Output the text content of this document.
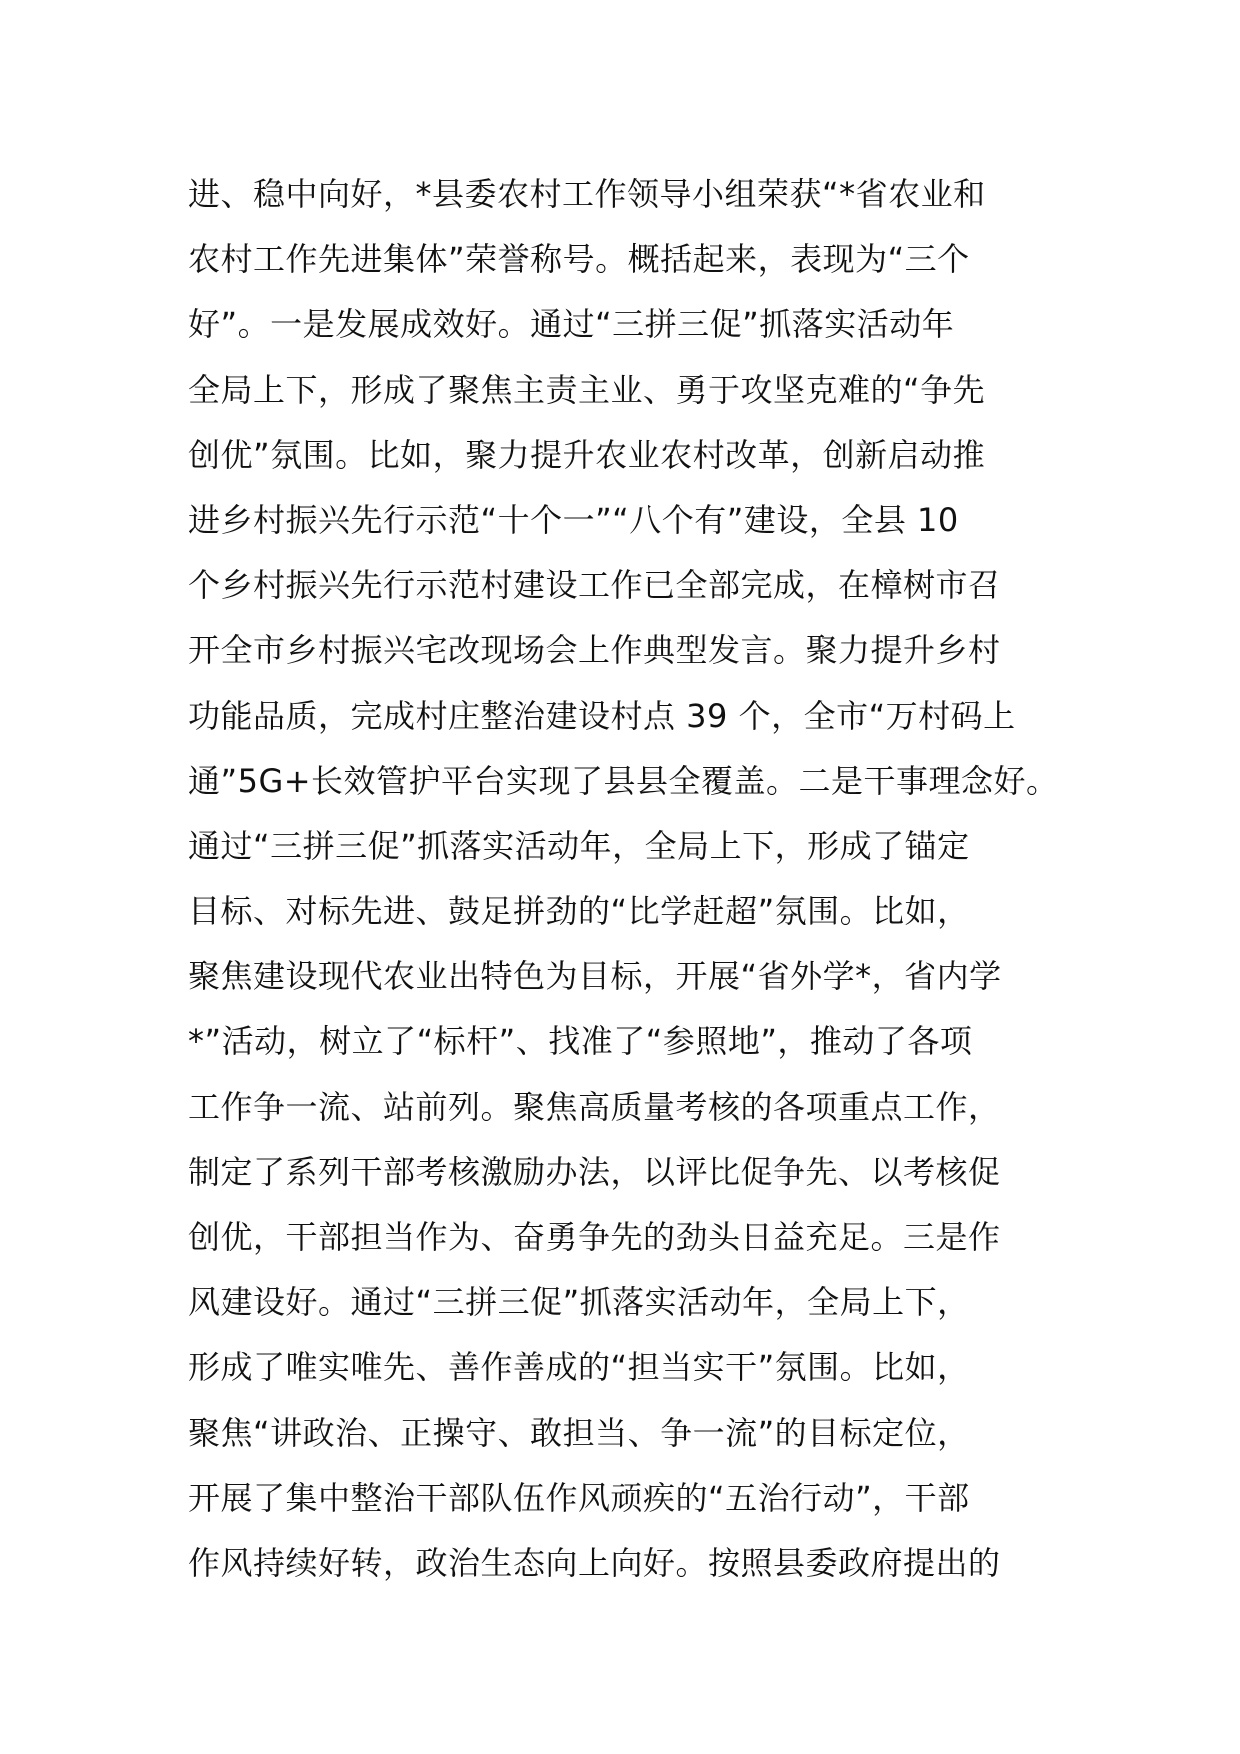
进、稳中向好，*县委农村工作领导小组荣获“*省农业和
农村工作先进集体”荣誉称号。概括起来，表现为“三个
好”。一是发展成效好。通过“三拼三促”抓落实活动年
全局上下，形成了聚焦主责主业、勇于攻坚克难的“争先
创优”氛围。比如，聚力提升农业农村改革，创新启动推
进乡村振兴先行示范“十个一”“八个有”建设，全县 10
个乡村振兴先行示范村建设工作已全部完成，在樟树市召
开全市乡村振兴宅改现场会上作典型发言。聚力提升乡村
功能品质，完成村庄整治建设村点 39 个，全市“万村码上
通”5G+长效管护平台实现了县县全覆盖。二是干事理念好。
通过“三拼三促”抓落实活动年，全局上下，形成了锚定
目标、对标先进、鼓足拼劲的“比学赶超”氛围。比如，
聚焦建设现代农业出特色为目标，开展“省外学*，省内学
*”活动，树立了“标杆”、找准了“参照地”，推动了各项
工作争一流、站前列。聚焦高质量考核的各项重点工作，
制定了系列干部考核激励办法，以评比促争先、以考核促
创优，干部担当作为、奋勇争先的劲头日益充足。三是作
风建设好。通过“三拼三促”抓落实活动年，全局上下，
形成了唯实唯先、善作善成的“担当实干”氛围。比如，
聚焦“讲政治、正操守、敢担当、争一流”的目标定位，
开展了集中整治干部队伍作风顽疾的“五治行动”，干部
作风持续好转，政治生态向上向好。按照县委政府提出的
